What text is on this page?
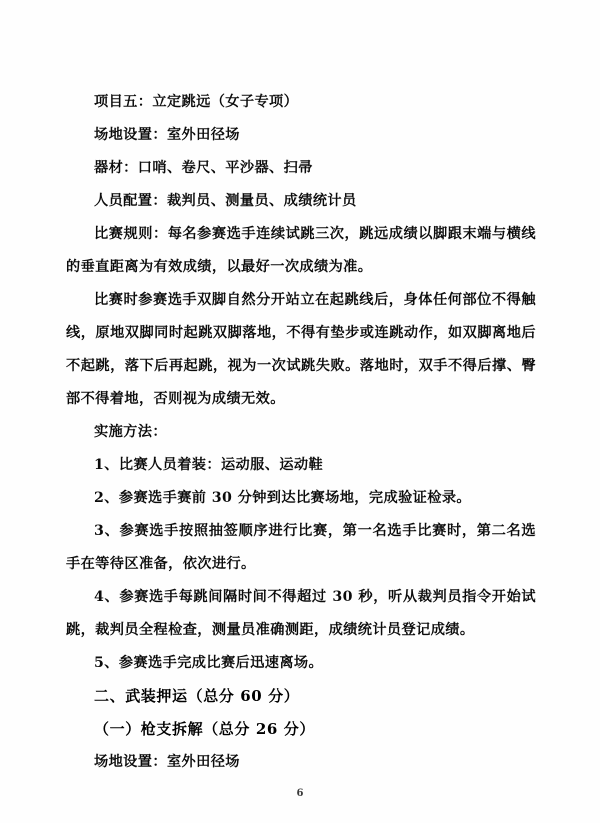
项目五：立定跳远（女子专项）

场地设置：室外田径场

器材：口哨、卷尺、平沙器、扫帚

人员配置：裁判员、测量员、成绩统计员

比赛规则：每名参赛选手连续试跳三次，跳远成绩以脚跟末端与横线的垂直距离为有效成绩，以最好一次成绩为准。

比赛时参赛选手双脚自然分开站立在起跳线后，身体任何部位不得触线，原地双脚同时起跳双脚落地，不得有垫步或连跳动作，如双脚离地后不起跳，落下后再起跳，视为一次试跳失败。落地时，双手不得后撑、臀部不得着地，否则视为成绩无效。

实施方法：

1、比赛人员着装：运动服、运动鞋

2、参赛选手赛前 30 分钟到达比赛场地，完成验证检录。

3、参赛选手按照抽签顺序进行比赛，第一名选手比赛时，第二名选手在等待区准备，依次进行。

4、参赛选手每跳间隔时间不得超过 30 秒，听从裁判员指令开始试跳，裁判员全程检查，测量员准确测距，成绩统计员登记成绩。

5、参赛选手完成比赛后迅速离场。

二、武装押运（总分 60 分）

（一）枪支拆解（总分 26 分）

场地设置：室外田径场

6
